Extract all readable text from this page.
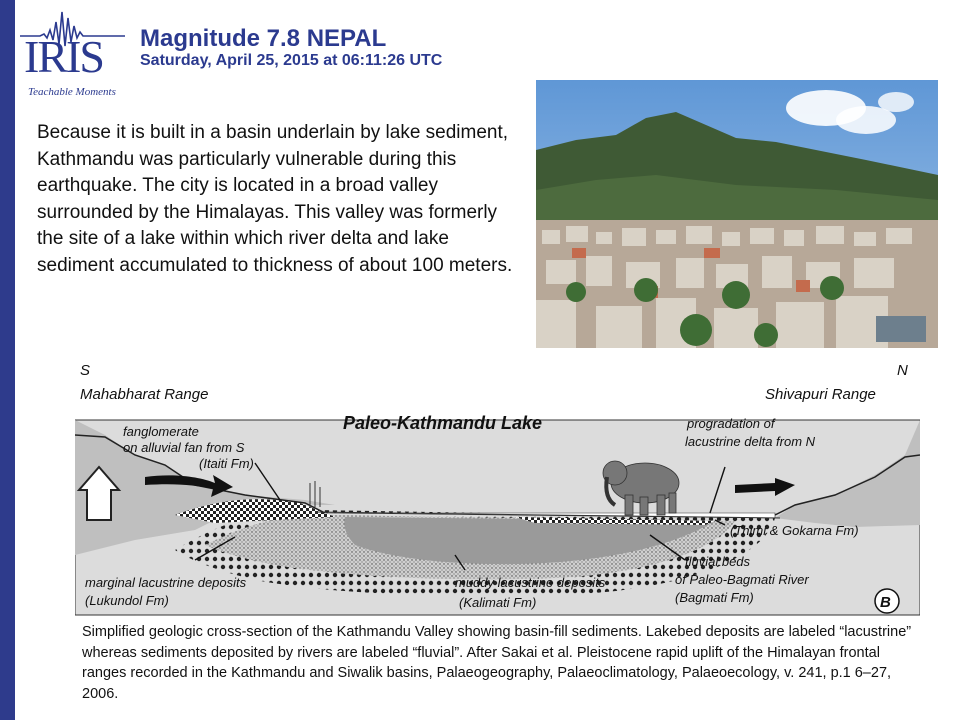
IRIS
Teachable Moments
Magnitude 7.8 NEPAL
Saturday, April 25, 2015 at 06:11:26 UTC
Because it is built in a basin underlain by lake sediment, Kathmandu was particularly vulnerable during this earthquake. The city is located in a broad valley surrounded by the Himalayas. This valley was formerly the site of a lake within which river delta and lake sediment accumulated to thickness of about 100 meters.
S	N
Mahabharat Range	Shivapuri Range
Paleo-Kathmandu Lake
fanglomerate
on alluvial fan from S
(Itaiti Fm)
progradation of
lacustrine delta from N
(Thimi & Gokarna Fm)
fluvial beds
of Paleo-Bagmati River
(Bagmati Fm)
marginal lacustrine deposits
(Lukundol Fm)
muddy lacustrine deposits
(Kalimati Fm)	B
Simplified geologic cross-section of the Kathmandu Valley showing basin-fill sediments. Lakebed deposits are labeled “lacustrine” whereas sediments deposited by rivers are labeled “fluvial”. After Sakai et al. Pleistocene rapid uplift of the Himalayan frontal ranges recorded in the Kathmandu and Siwalik basins, Palaeogeography, Palaeoclimatology, Palaeoecology, v. 241, p.1 6–27, 2006.
